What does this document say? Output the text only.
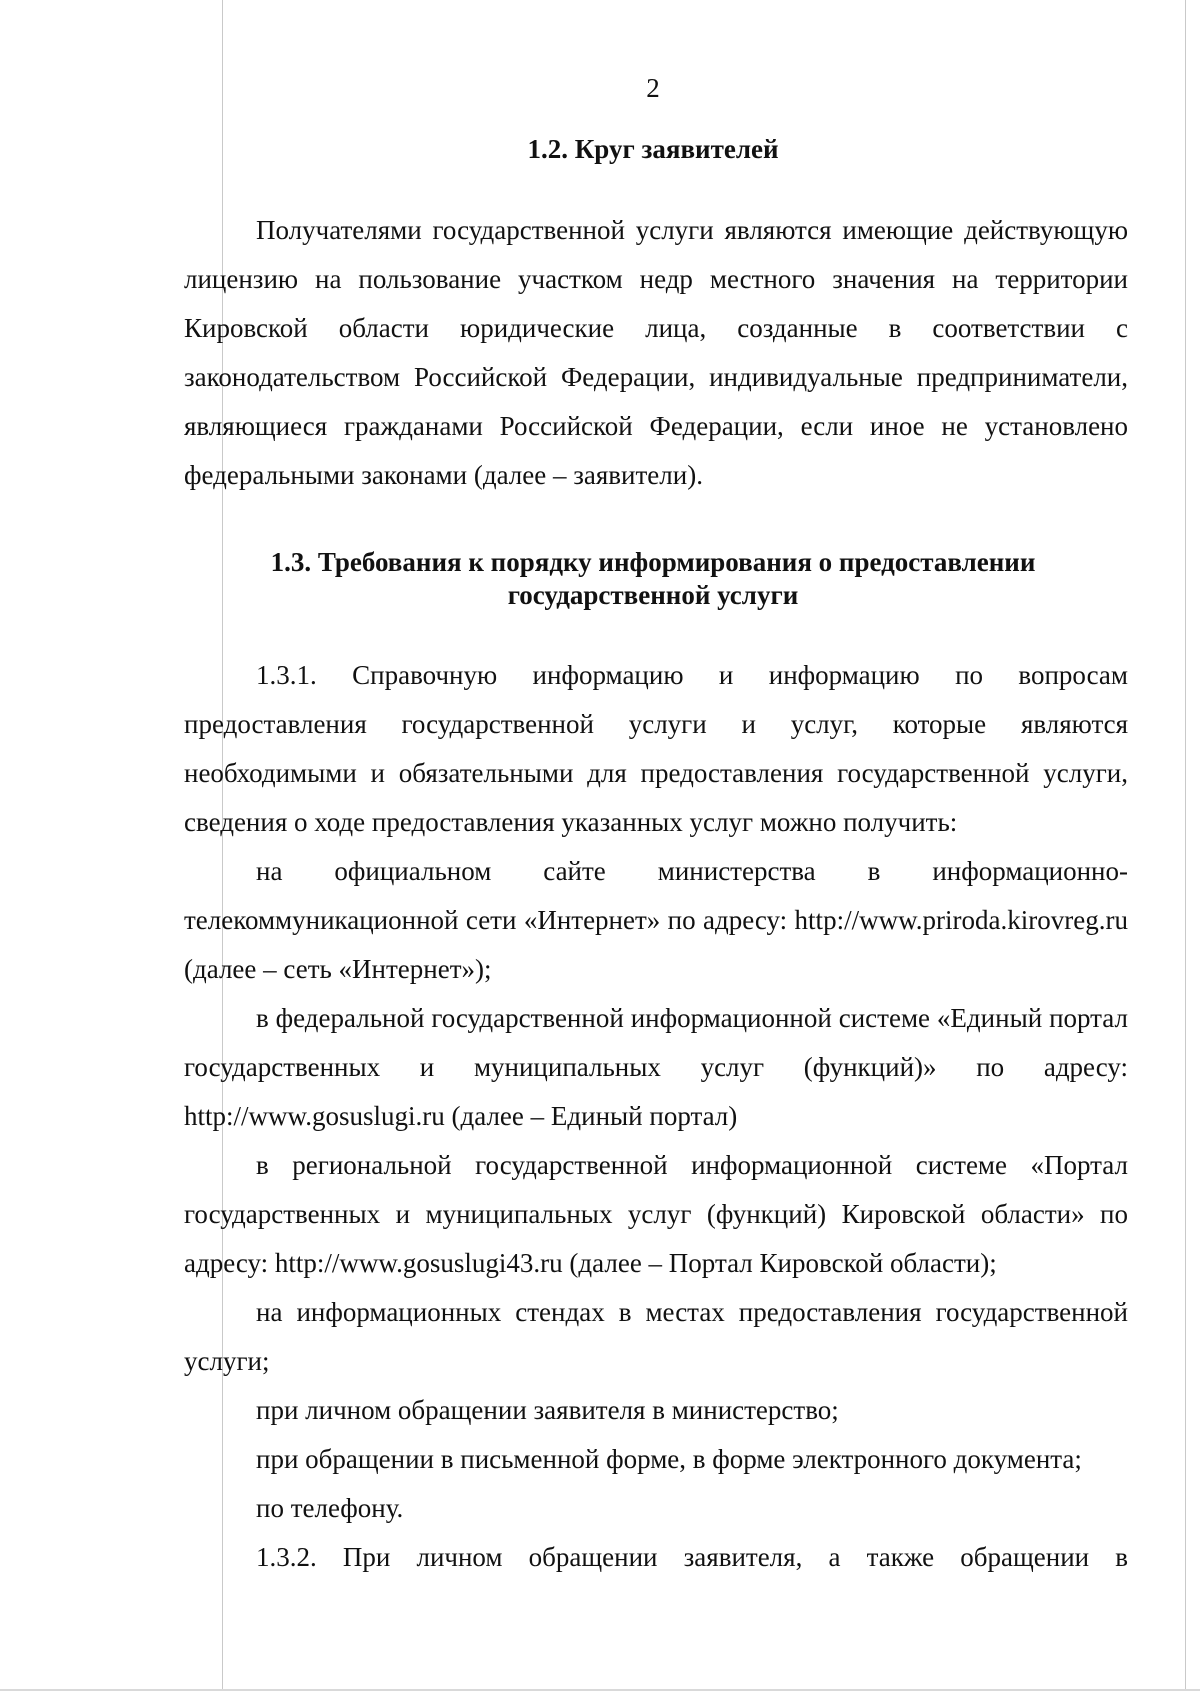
2
1.2. Круг заявителей
Получателями государственной услуги являются имеющие действующую лицензию на пользование участком недр местного значения на территории Кировской области юридические лица, созданные в соответствии с законодательством Российской Федерации, индивидуальные предприниматели, являющиеся гражданами Российской Федерации, если иное не установлено федеральными законами (далее – заявители).
1.3. Требования к порядку информирования о предоставлении
государственной услуги
1.3.1. Справочную информацию и информацию по вопросам предоставления государственной услуги и услуг, которые являются необходимыми и обязательными для предоставления государственной услуги, сведения о ходе предоставления указанных услуг можно получить:
на официальном сайте министерства в информационно-телекоммуникационной сети «Интернет» по адресу: http://www.priroda.kirovreg.ru (далее – сеть «Интернет»);
в федеральной государственной информационной системе «Единый портал государственных и муниципальных услуг (функций)» по адресу: http://www.gosuslugi.ru (далее – Единый портал)
в региональной государственной информационной системе «Портал государственных и муниципальных услуг (функций) Кировской области» по адресу: http://www.gosuslugi43.ru (далее – Портал Кировской области);
на информационных стендах в местах предоставления государственной услуги;
при личном обращении заявителя в министерство;
при обращении в письменной форме, в форме электронного документа;
по телефону.
1.3.2. При личном обращении заявителя, а также обращении в
